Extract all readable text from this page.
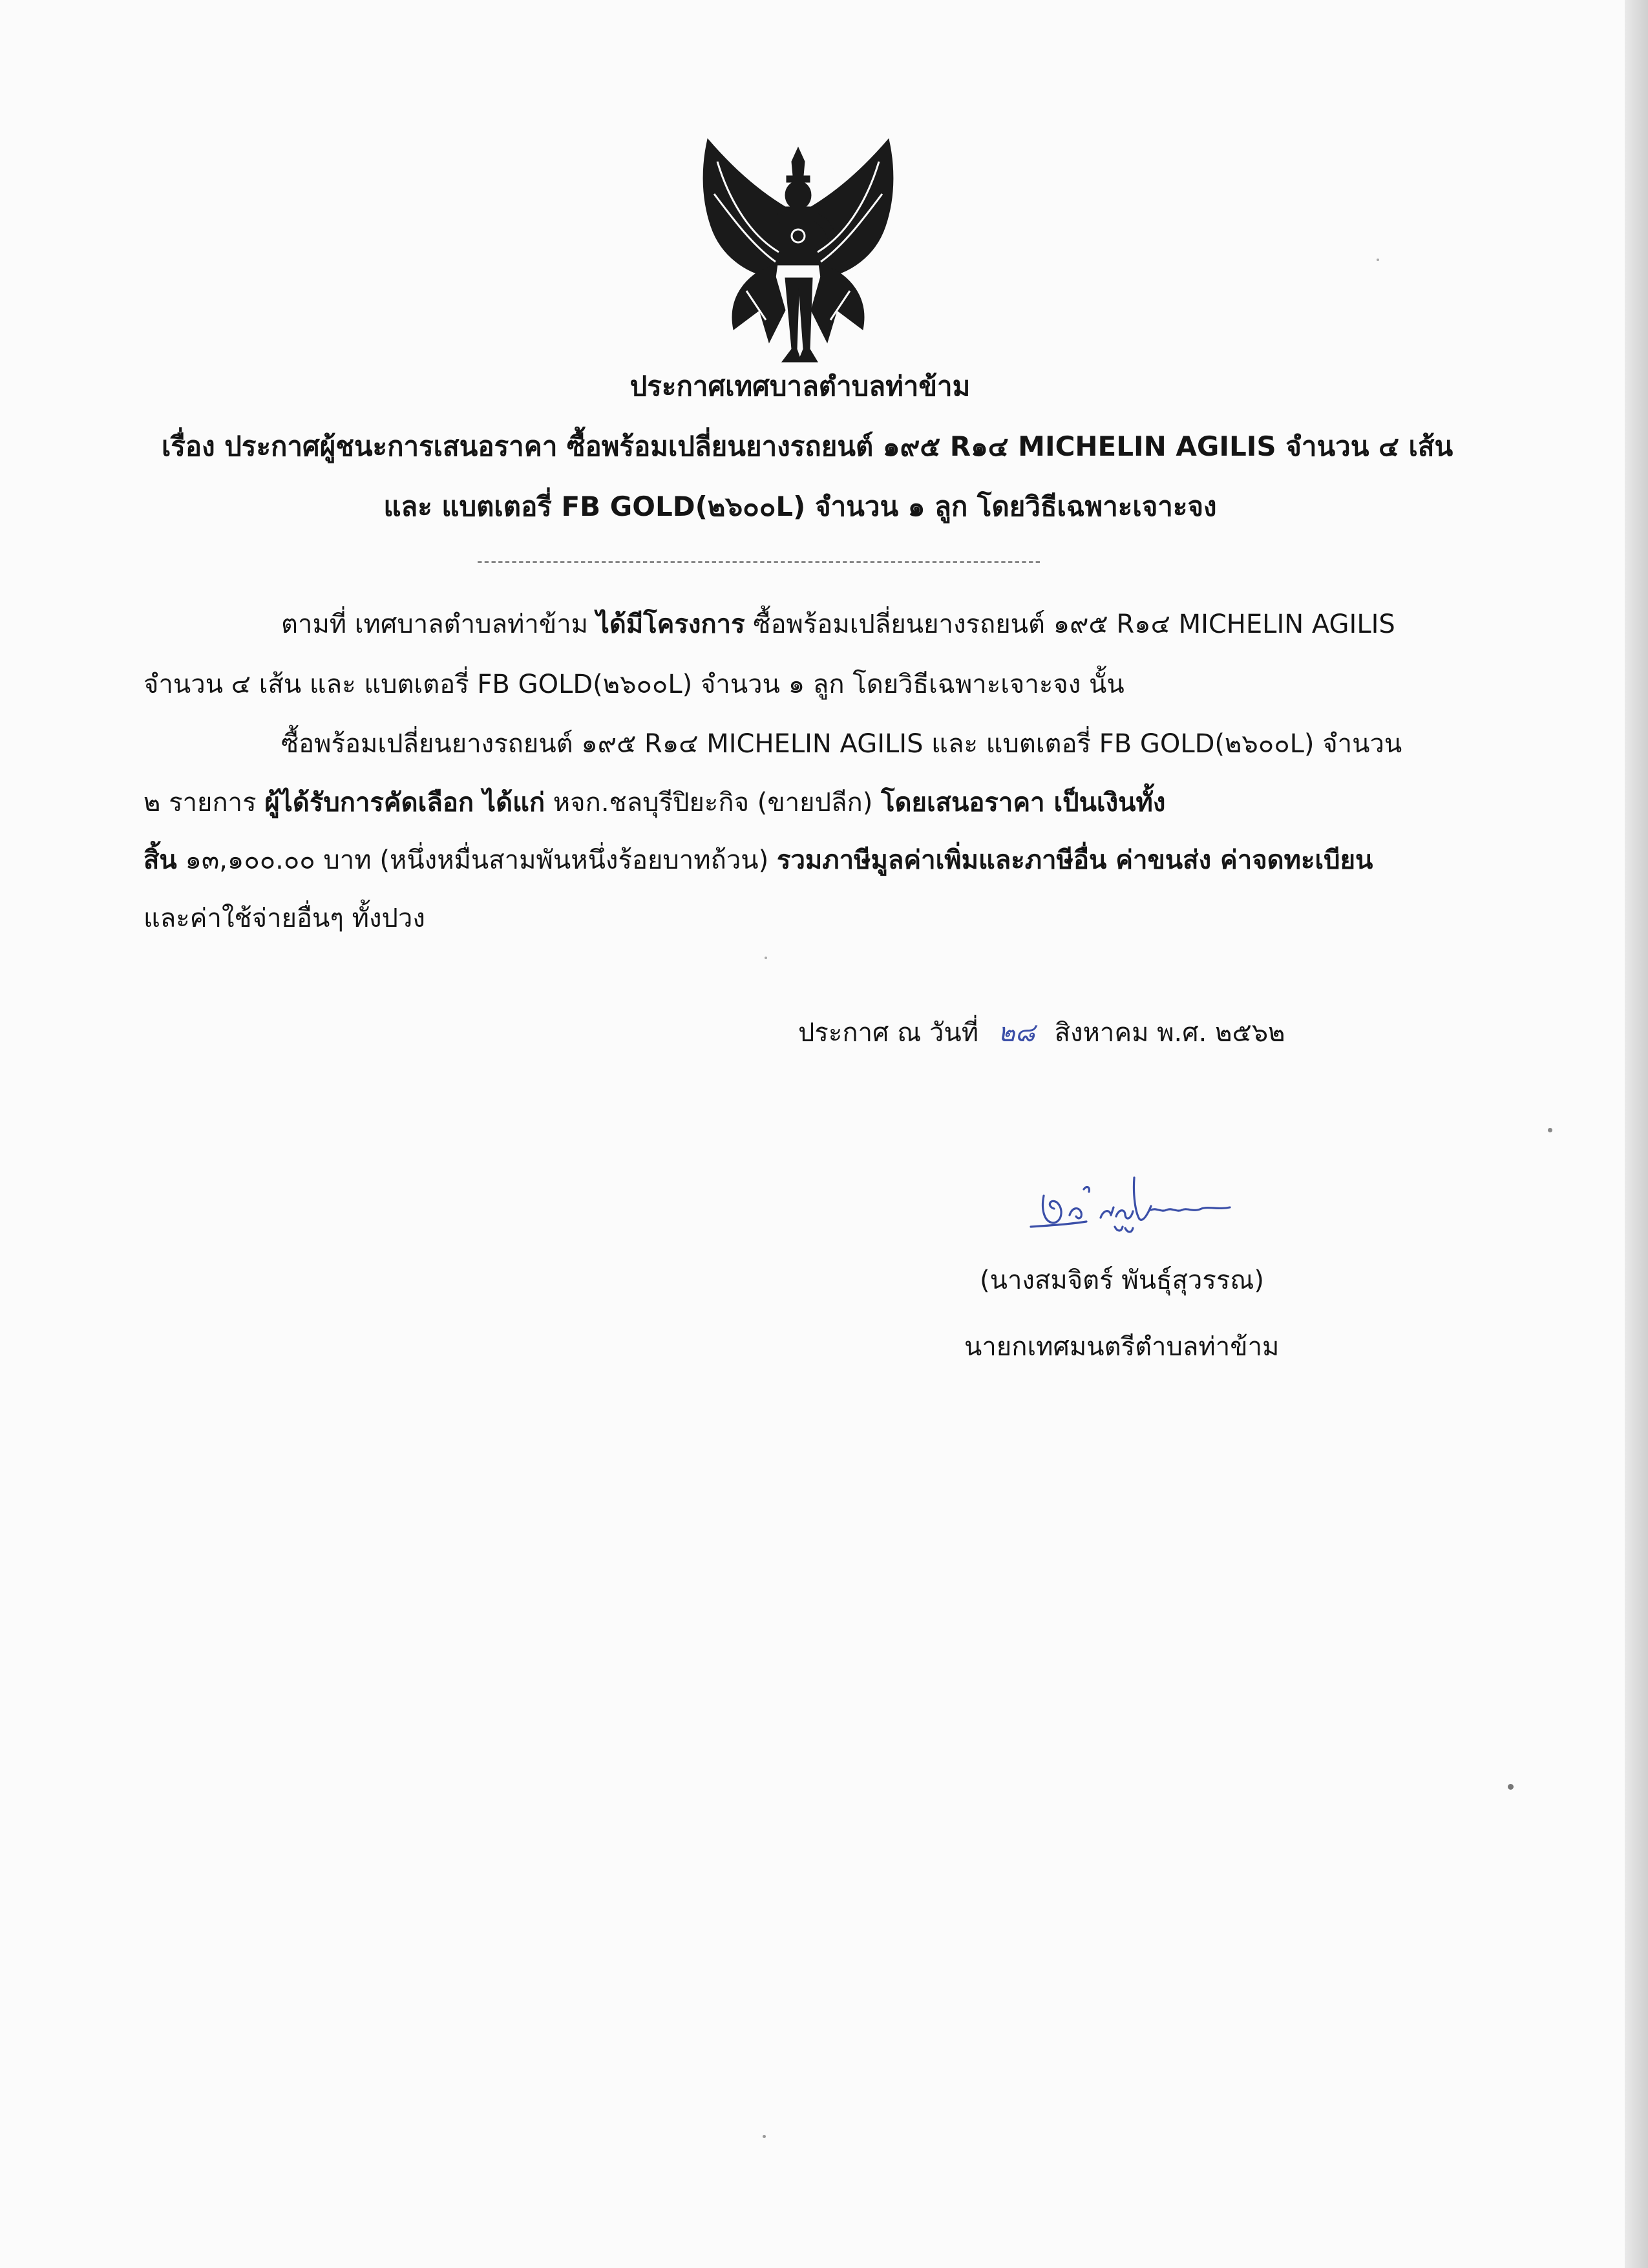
ประกาศเทศบาลตำบลท่าข้าม
เรื่อง ประกาศผู้ชนะการเสนอราคา ซื้อพร้อมเปลี่ยนยางรถยนต์ ๑๙๕ R๑๔ MICHELIN AGILIS จำนวน ๔ เส้น
และ แบตเตอรี่ FB GOLD(๒๖๐๐L) จำนวน ๑ ลูก โดยวิธีเฉพาะเจาะจง
----------------------------------------------------------------------------------
ตามที่ เทศบาลตำบลท่าข้าม ได้มีโครงการ ซื้อพร้อมเปลี่ยนยางรถยนต์ ๑๙๕ R๑๔ MICHELIN AGILIS
จำนวน ๔ เส้น และ แบตเตอรี่ FB GOLD(๒๖๐๐L) จำนวน ๑ ลูก โดยวิธีเฉพาะเจาะจง นั้น
ซื้อพร้อมเปลี่ยนยางรถยนต์ ๑๙๕ R๑๔ MICHELIN AGILIS และ แบตเตอรี่ FB GOLD(๒๖๐๐L) จำนวน
๒ รายการ ผู้ได้รับการคัดเลือก ได้แก่ หจก.ชลบุรีปิยะกิจ (ขายปลีก) โดยเสนอราคา เป็นเงินทั้ง
สิ้น ๑๓,๑๐๐.๐๐ บาท (หนึ่งหมื่นสามพันหนึ่งร้อยบาทถ้วน) รวมภาษีมูลค่าเพิ่มและภาษีอื่น ค่าขนส่ง ค่าจดทะเบียน
และค่าใช้จ่ายอื่นๆ ทั้งปวง
ประกาศ ณ วันที่ ๒๘ สิงหาคม พ.ศ. ๒๕๖๒
(นางสมจิตร์ พันธุ์สุวรรณ)
นายกเทศมนตรีตำบลท่าข้าม
